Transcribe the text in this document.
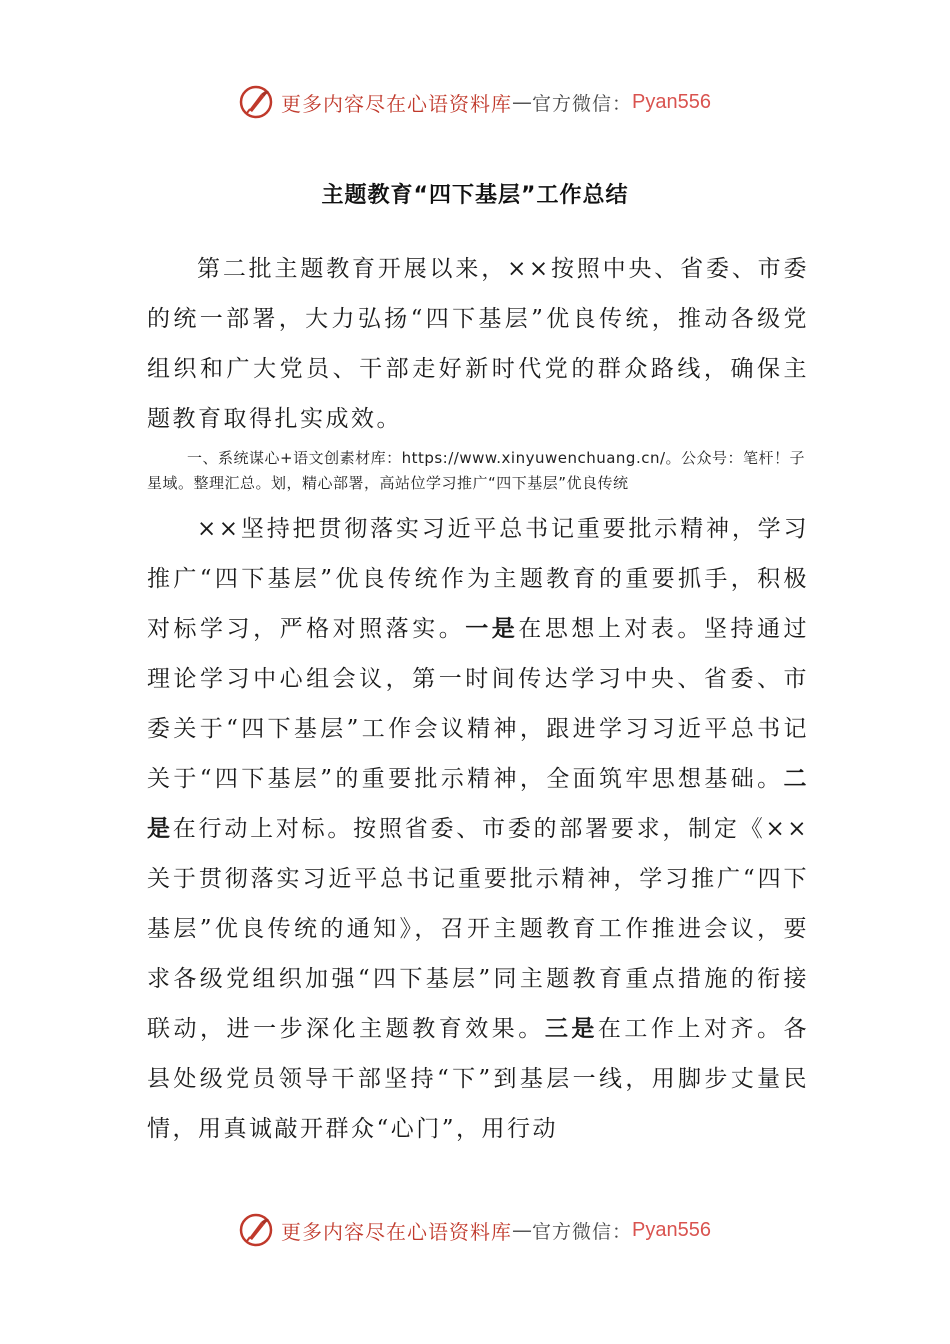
更多内容尽在心语资料库 — 官方微信： Pyan556
主题教育“四下基层”工作总结

第二批主题教育开展以来，××按照中央、省委、市委的统一部署，大力弘扬“四下基层”优良传统，推动各级党组织和广大党员、干部走好新时代党的群众路线，确保主题教育取得扎实成效。

一、系统谋心+语文创素材库：https://www.xinyuwenchuang.cn/。公众号：笔杆！子星域。整理汇总。划，精心部署，高站位学习推广“四下基层”优良传统

××坚持把贯彻落实习近平总书记重要批示精神，学习推广“四下基层”优良传统作为主题教育的重要抓手，积极对标学习，严格对照落实。一是在思想上对表。坚持通过理论学习中心组会议，第一时间传达学习中央、省委、市委关于“四下基层”工作会议精神，跟进学习习近平总书记关于“四下基层”的重要批示精神，全面筑牢思想基础。二是在行动上对标。按照省委、市委的部署要求，制定《××关于贯彻落实习近平总书记重要批示精神，学习推广“四下基层”优良传统的通知》，召开主题教育工作推进会议，要求各级党组织加强“四下基层”同主题教育重点措施的衔接联动，进一步深化主题教育效果。三是在工作上对齐。各县处级党员领导干部坚持“下”到基层一线，用脚步丈量民情，用真诚敲开群众“心门”，用行动

更多内容尽在心语资料库 — 官方微信： Pyan556
